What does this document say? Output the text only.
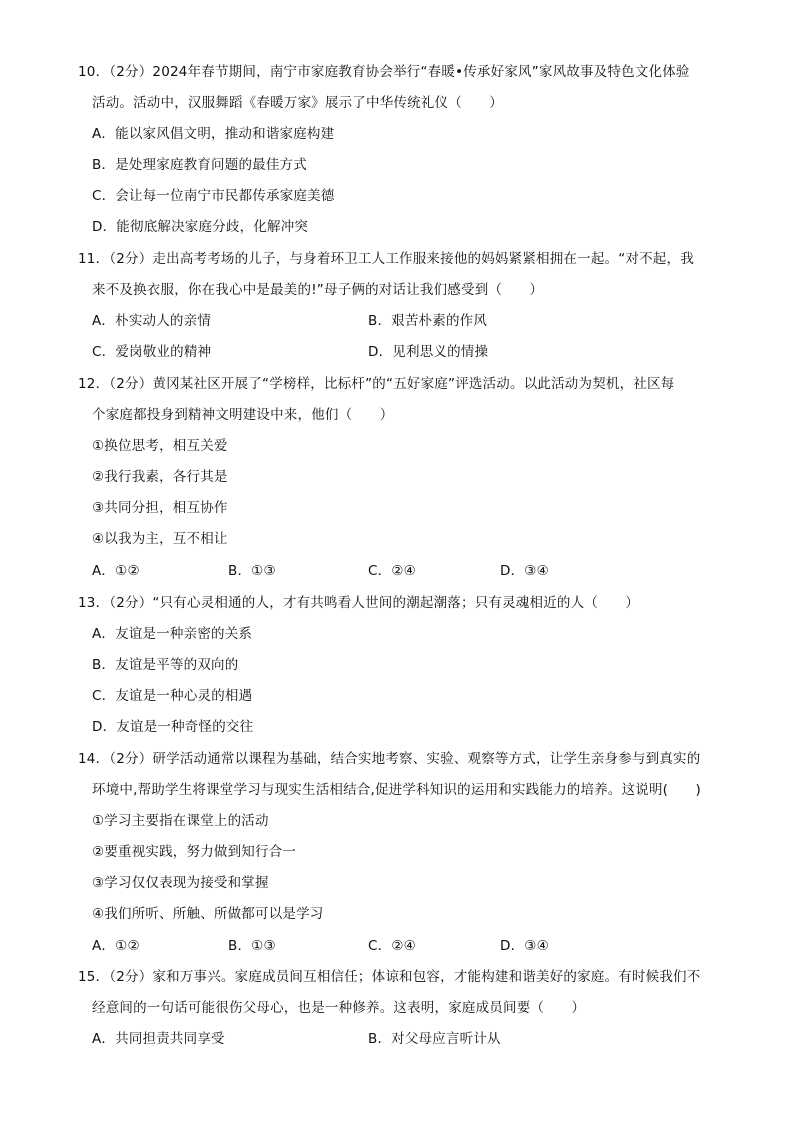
10．（2分）2024年春节期间，南宁市家庭教育协会举行“春暖•传承好家风”家风故事及特色文化体验
活动。活动中，汉服舞蹈《春暖万家》展示了中华传统礼仪（　　）
A．能以家风倡文明，推动和谐家庭构建
B．是处理家庭教育问题的最佳方式
C．会让每一位南宁市民都传承家庭美德
D．能彻底解决家庭分歧，化解冲突
11．（2分）走出高考考场的儿子，与身着环卫工人工作服来接他的妈妈紧紧相拥在一起。“对不起，我
来不及换衣服，你在我心中是最美的!”母子俩的对话让我们感受到（　　）
A．朴实动人的亲情	B．艰苦朴素的作风
C．爱岗敬业的精神	D．见利思义的情操
12．（2分）黄冈某社区开展了“学榜样，比标杆”的“五好家庭”评选活动。以此活动为契机，社区每
个家庭都投身到精神文明建设中来，他们（　　）
①换位思考，相互关爱
②我行我素，各行其是
③共同分担，相互协作
④以我为主，互不相让
A．①②	B．①③	C．②④	D．③④
13．（2分）“只有心灵相通的人，才有共鸣看人世间的潮起潮落；只有灵魂相近的人（　　）
A．友谊是一种亲密的关系
B．友谊是平等的双向的
C．友谊是一种心灵的相遇
D．友谊是一种奇怪的交往
14．（2分）研学活动通常以课程为基础，结合实地考察、实验、观察等方式，让学生亲身参与到真实的
环境中,帮助学生将课堂学习与现实生活相结合,促进学科知识的运用和实践能力的培养。这说明(　　)
①学习主要指在课堂上的活动
②要重视实践，努力做到知行合一
③学习仅仅表现为接受和掌握
④我们所听、所触、所做都可以是学习
A．①②	B．①③	C．②④	D．③④
15．（2分）家和万事兴。家庭成员间互相信任；体谅和包容，才能构建和谐美好的家庭。有时候我们不
经意间的一句话可能很伤父母心，也是一种修养。这表明，家庭成员间要（　　）
A．共同担责共同享受	B．对父母应言听计从
